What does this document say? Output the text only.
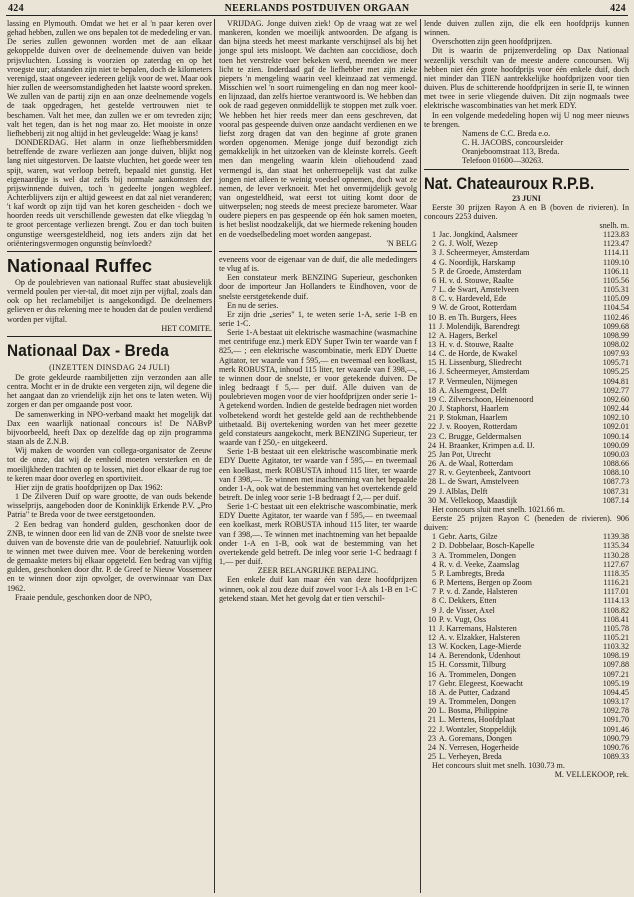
424	NEERLANDS POSTDUIVEN ORGAAN	424

lassing en Plymouth. Omdat we het er al 'n paar keren over gehad hebben, zullen we ons bepalen tot de mededeling er van. De series zullen gewonnen worden met de aan elkaar gekoppelde duiven over de deelnemende duiven van beide prijsvluchten. Lossing is voorzien op zaterdag en op het vroegste uur; afstanden zijn niet te bepalen, doch de kilometers verenigd, staat ongeveer iedereen gelijk voor de wet. Maar ook hier zullen de weersomstandigheden het laatste woord spreken. We zullen van de partij zijn en aan onze deelnemende vogels de taak opgedragen, het gestelde vertrouwen niet te beschamen. Valt het mee, dan zullen we er om tevreden zijn; valt het tegen, dan is het nog maar zo. Het mooiste in onze liefhebberij zit nog altijd in het gevleugelde: Waag je kans!

DONDERDAG. Het alarm in onze liefhebbersmidden betreffende de zware verliezen aan jonge duiven, blijkt nog lang niet uitgestorven. De laatste vluchten, het goede weer ten spijt, waren, wat verloop betreft, bepaald niet gunstig. Het eigenaardige is wel dat zelfs bij normale aankomsten der prijswinnende duiven, toch 'n gedeelte jongen wegbleef. Achterblijvers zijn er altijd geweest en dat zal niet veranderen; 't kaf wordt op zijn tijd van het koren gescheiden - doch we hoorden reeds uit verschillende gewesten dat elke vliegdag 'n te groot percentage verliezen brengt. Zou er dan toch buiten ongunstige weersgesteldheid, nog iets anders zijn dat het oriënteringsvermogen ongunstig beïnvloedt?

Nationaal Ruffec

Op de poulebrieven van nationaal Ruffec staat abusievelijk vermeld poulen per vier-tal, dit moet zijn per vijftal, zoals dan ook op het reclamebiljet is aangekondigd. De deelnemers gelieven er dus rekening mee te houden dat de poulen verdiend worden per vijftal.

HET COMITE.

Nationaal Dax - Breda
(INZETTEN DINSDAG 24 JULI)

De grote gekleurde raambiljetten zijn verzonden aan alle centra. Mocht er in de drukte een vergeten zijn, wil degene die het aangaat dan zo vriendelijk zijn het ons te laten weten. Wij zorgen er dan per omgaande post voor.

De samenwerking in NPO-verband maakt het mogelijk dat Dax een waarlijk nationaal concours is! De NABvP bijvoorbeeld, heeft Dax op dezelfde dag op zijn programma staan als de Z.N.B.

Wij maken de woorden van collega-organisator de Zeeuw tot de onze, dat wij de eenheid moeten versterken en de moeilijkheden trachten op te lossen, niet door elkaar de rug toe te keren maar door overleg en sportiviteit.

Hier zijn de gratis hoofdprijzen op Dax 1962:

1 De Zilveren Duif op ware grootte, de van ouds bekende wisselprijs, aangeboden door de Koninklijk Erkende P.V. „Pro Patria" te Breda voor de twee eerstgetoonden.

2 Een bedrag van honderd gulden, geschonken door de ZNB, te winnen door een lid van de ZNB voor de snelste twee duiven van de bovenste drie van de poulebrief. Natuurlijk ook te winnen met twee duiven mee. Voor de berekening worden de gemaakte meters bij elkaar opgeteld. Een bedrag van vijftig gulden, geschonken door dhr. P. de Greef te Nieuw Vossemeer en te winnen door zijn opvolger, de overwinnaar van Dax 1962.

Fraaie pendule, geschonken door de NPO,

VRIJDAG. Jonge duiven ziek! Op de vraag wat ze wel mankeren, konden we moeilijk antwoorden. De afgang is dan bijna steeds het meest markante verschijnsel als bij het jonge spul iets misloopt. We dachten aan coccidiose, doch toen het verstrekte voer bekeken werd, meenden we meer licht te zien. Inderdaad gaf de liefhebber met zijn zieke piepers 'n mengeling waarin veel kleinzaad zat vermengd. Misschien wel 'n soort ruimengeling en dan nog meer kool- en lijnzaad, dan zelfs hiertoe verantwoord is. We hebben dan ook de raad gegeven onmiddellijk te stoppen met zulk voer. We hebben het hier reeds meer dan eens geschreven, dat vooral pas gespeende duiven onze aandacht verdienen en we liefst zorg dragen dat van den beginne af grote granen worden opgenomen. Menige jonge duif bezondigt zich gemakkelijk in het uitzoeken van de kleinste korrels. Geeft men dan mengeling waarin klein oliehoudend zaad vermengd is, dan staat het onherroepelijk vast dat zulke jongen niet alleen te weinig voedsel opnemen, doch wat ze nemen, de lever verknoeit. Met het onvermijdelijk gevolg van ongesteldheid, wat eerst tot uiting komt door de uitwerpselen; nog steeds de meest precieze barometer. Waar oudere piepers en pas gespeende op één hok samen moeten, is het beslist noodzakelijk, dat we hiermede rekening houden en de voedselbedeling moet worden aangepast.

'N BELG

eveneens voor de eigenaar van de duif, die alle mededingers te vlug af is.

Een constateur merk BENZING Superieur, geschonken door de importeur Jan Hollanders te Eindhoven, voor de snelste eerstgetekende duif.

En nu de series.

Er zijn drie „series" 1, te weten serie 1-A, serie 1-B en serie 1-C.

Serie 1-A bestaat uit elektrische wasmachine (wasmachine met centrifuge enz.) merk EDY Super Twin ter waarde van f 825,— ; een elektrische wascombinatie, merk EDY Duette Agitator, ter waarde van f 595,— en tweemaal een koelkast, merk ROBUSTA, inhoud 115 liter, ter waarde van f 398,—, te winnen door de snelste, er voor getekende duiven. De inleg bedraagt f 5,— per duif. Alle duiven van de poulebrieven mogen voor de vier hoofdprijzen onder serie 1-A getekend worden. Indien de gestelde bedragen niet worden volbetekend wordt het gestelde geld aan de rechthebbende uitbetaald. Bij overtekening worden van het meer gezette geld constateurs aangekocht, merk BENZING Superieur, ter waarde van f 250,- en uitgekeerd.

Serie 1-B bestaat uit een elektrische wascombinatie merk EDY Duette Agitator, ter waarde van f 595,— en tweemaal een koelkast, merk ROBUSTA inhoud 115 liter, ter waarde van f 398,—. Te winnen met inachtneming van het bepaalde onder 1-A, ook wat de bestemming van het overtekende geld betreft. De inleg voor serie 1-B bedraagt f 2,— per duif.

Serie 1-C bestaat uit een elektrische wascombinatie, merk EDY Duette Agitator, ter waarde van f 595,— en tweemaal een koelkast, merk ROBUSTA inhoud 115 liter, ter waarde van f 398,—. Te winnen met inachtneming van het bepaalde onder 1-A en 1-B, ook wat de bestemming van het overtekende geld betreft. De inleg voor serie 1-C bedraagt f 1,— per duif.

ZEER BELANGRIJKE BEPALING.

Een enkele duif kan maar één van deze hoofdprijzen winnen, ook al zou deze duif zowel voor 1-A als 1-B en 1-C getekend staan. Met het gevolg dat er tien verschil-

lende duiven zullen zijn, die elk een hoofdprijs kunnen winnen.

Overschotten zijn geen hoofdprijzen.

Dit is waarin de prijzenverdeling op Dax Nationaal wezenlijk verschilt van de meeste andere concoursen. Wij hebben niet één grote hoofdprijs voor één enkele duif, doch niet minder dan TIEN aantrekkelijke hoofdprijzen voor tien duiven. Plus de schitterende hoofdprijzen in serie II, te winnen met twee in serie vliegende duiven. Dit zijn nogmaals twee elektrische wascombinaties van het merk EDY.

In een volgende mededeling hopen wij U nog meer nieuws te brengen.

Namens de C.C. Breda e.o.
C. H. JACOBS, concoursleider
Oranjeboomstraat 113, Breda.
Telefoon 01600—30263.
Nat. Chateauroux R.P.B.
23 JUNI

Eerste 30 prijzen Rayon A en B (boven de rivieren). In concours 2253 duiven.

snelh. m.
1	Jac. Jongkind, Aalsmeer	1123.83
2	G. J. Wolf, Wezep	1123.47
3	J. Scheermeyer, Amsterdam	1114.11
4	G. Noordijk, Harskamp	1109.10
5	P. de Groede, Amsterdam	1106.11
6	H. v. d. Stouwe, Raalte	1105.56
7	L. de Swart, Amstelveen	1105.31
8	C. v. Hardeveld, Ede	1105.09
9	W. de Groot, Rotterdam	1104.54
10	B. en Th. Burgers, Hees	1102.46
11	J. Molendijk, Barendregt	1099.68
12	A. Hagers, Berkel	1098.99
13	H. v. d. Stouwe, Raalte	1098.02
14	C. de Horde, de Kwakel	1097.93
15	H. Lissenburg, Sliedrecht	1095.71
16	J. Scheermeyer, Amsterdam	1095.25
17	P. Vermeulen, Nijmegen	1094.81
18	A. Alsemgeest, Delft	1092.77
19	C. Zilverschoon, Heinenoord	1092.60
20	J. Staphorst, Haarlem	1092.44
21	P. Stokman, Haarlem	1092.10
22	J. v. Rooyen, Rotterdam	1092.01
23	C. Brugge, Geldermalsen	1090.14
24	H. Braanker, Krimpen a.d. IJ.	1090.09
25	Jan Pot, Utrecht	1090.03
26	A. de Waal, Rotterdam	1088.66
27	R. v. Geytenbeek, Zantvoort	1088.10
28	L. de Swart, Amstelveen	1087.73
29	J. Alblas, Delft	1087.31
30	M. Vellekoop, Maasdijk	1087.14

Het concours sluit met snelh. 1021.66 m.

Eerste 25 prijzen Rayon C (beneden de rivieren). 906 duiven:

1	Gebr. Aarts, Gilze	1139.38
2	D. Dobbelaar, Bosch-Kapelle	1135.34
3	A. Trommelen, Dongen	1130.28
4	R. v. d. Veeke, Zaamslag	1127.67
5	P. Lambregts, Breda	1118.35
6	P. Mertens, Bergen op Zoom	1116.21
7	P. v. d. Zande, Halsteren	1117.01
8	C. Dekkers, Etten	1114.13
9	J. de Visser, Axel	1108.82
10	P. v. Vugt, Oss	1108.41
11	J. Karremans, Halsteren	1105.78
12	A. v. Elzakker, Halsteren	1105.21
13	W. Kocken, Lage-Mierde	1103.32
14	A. Berendonk, Udenhout	1098.19
15	H. Corssmit, Tilburg	1097.88
16	A. Trommelen, Dongen	1097.21
17	Gebr. Elegeest, Koewacht	1095.19
18	A. de Putter, Cadzand	1094.45
19	A. Trommelen, Dongen	1093.17
20	L. Bosma, Philippine	1092.78
21	L. Mertens, Hoofdplaat	1091.70
22	J. Wontzler, Stoppeldijk	1091.46
23	A. Goremans, Dongen	1090.79
24	N. Verresen, Hogerheide	1090.76
25	L. Verheyen, Breda	1089.33

Het concours sluit met snelh. 1030.73 m.

M. VELLEKOOP, rek.
